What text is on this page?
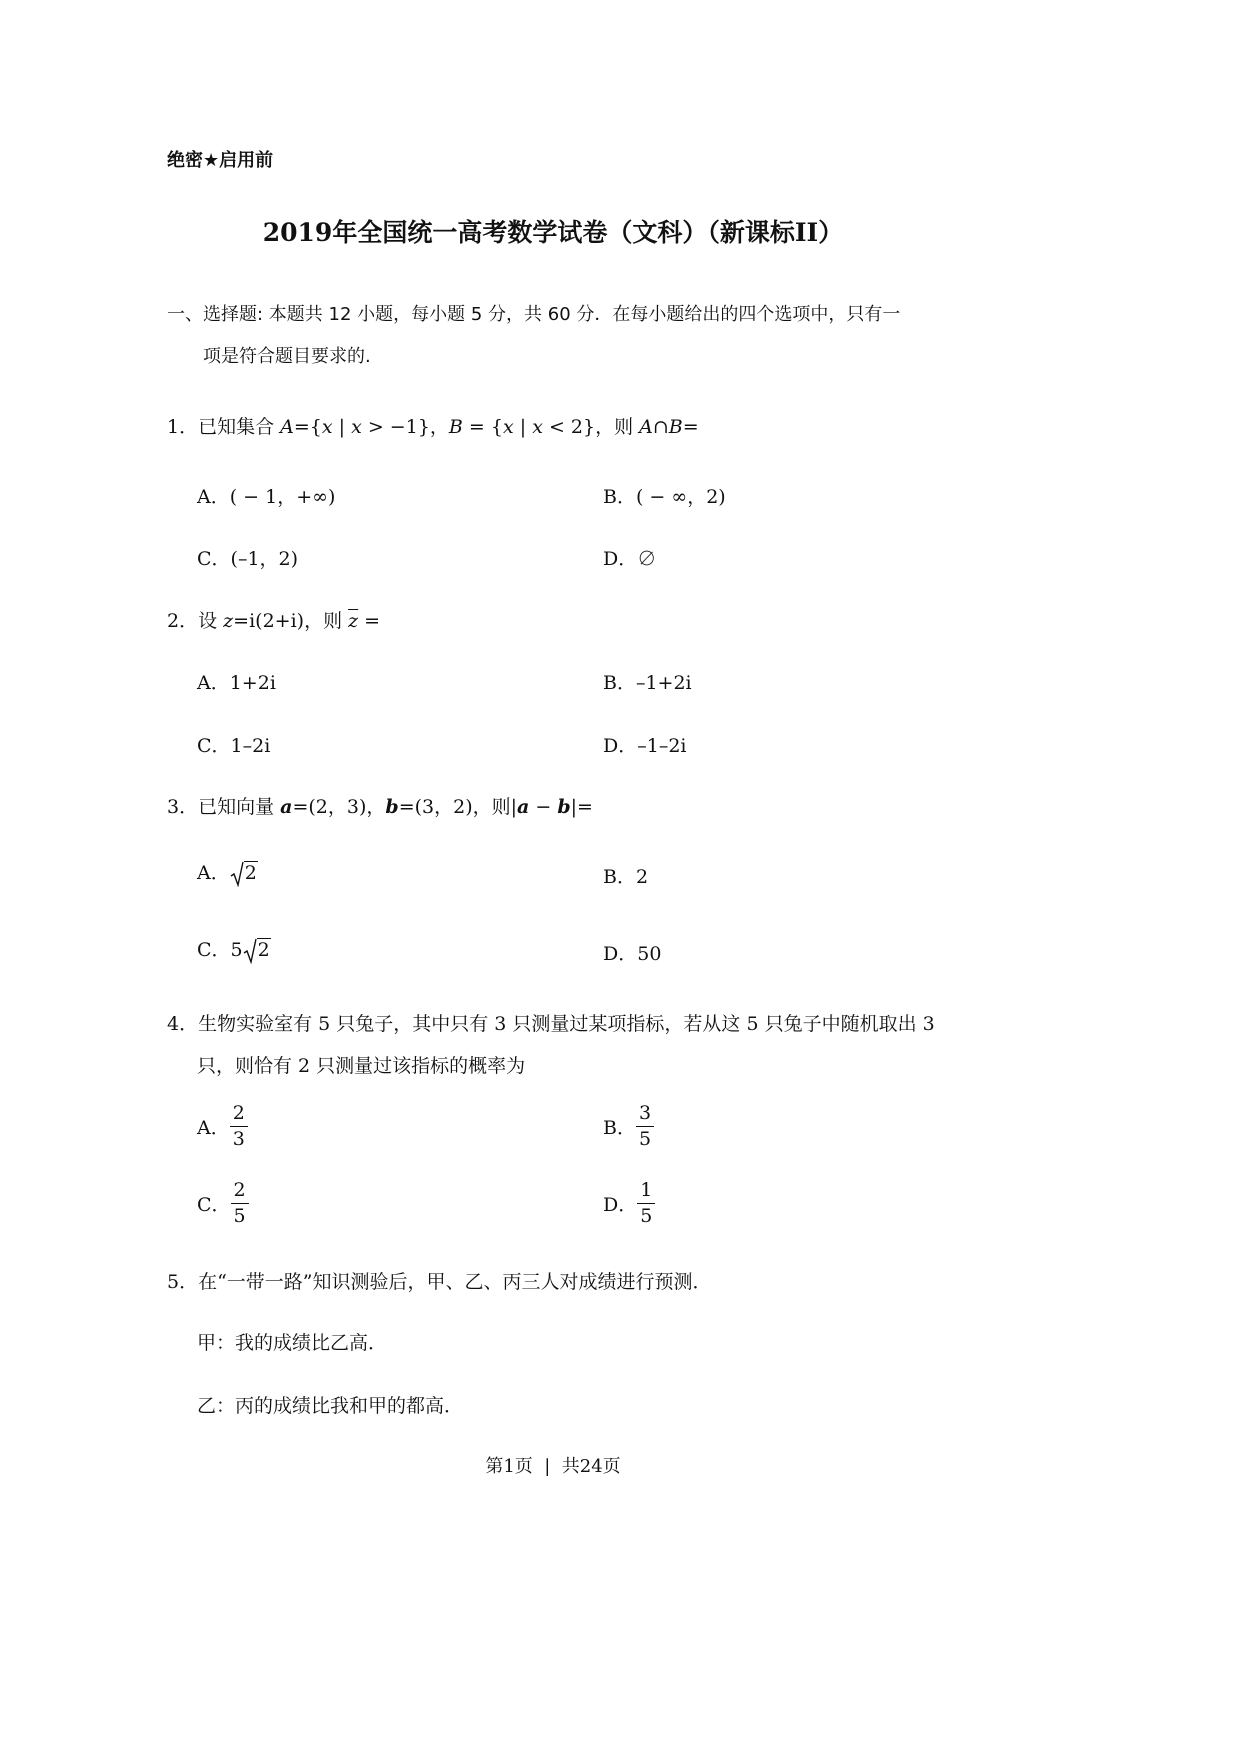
绝密★启用前
2019年全国统一高考数学试卷（文科）（新课标II）
一、选择题: 本题共 12 小题，每小题 5 分，共 60 分．在每小题给出的四个选项中，只有一
项是符合题目要求的.
1．已知集合 A={x | x > −1}，B = {x | x < 2}，则 A∩B=
A．( − 1，+∞)	B．( − ∞，2)
C．(–1，2)	D．∅
2．设 z=i(2+i)，则 $\overline{z}$ =
A．1+2i	B．–1+2i
C．1–2i	D．–1–2i
3．已知向量 a=(2，3)，b=(3，2)，则|a − b|=
A． 2	B．2
C．5 2	D．50
4．生物实验室有 5 只兔子，其中只有 3 只测量过某项指标，若从这 5 只兔子中随机取出 3
只，则恰有 2 只测量过该指标的概率为
A． $\frac{2}{3}$	B． $\frac{3}{5}$
C． $\frac{2}{5}$	D． $\frac{1}{5}$
5．在“一带一路”知识测验后，甲、乙、丙三人对成绩进行预测．
甲：我的成绩比乙高．
乙：丙的成绩比我和甲的都高．
第1页  |  共24页
